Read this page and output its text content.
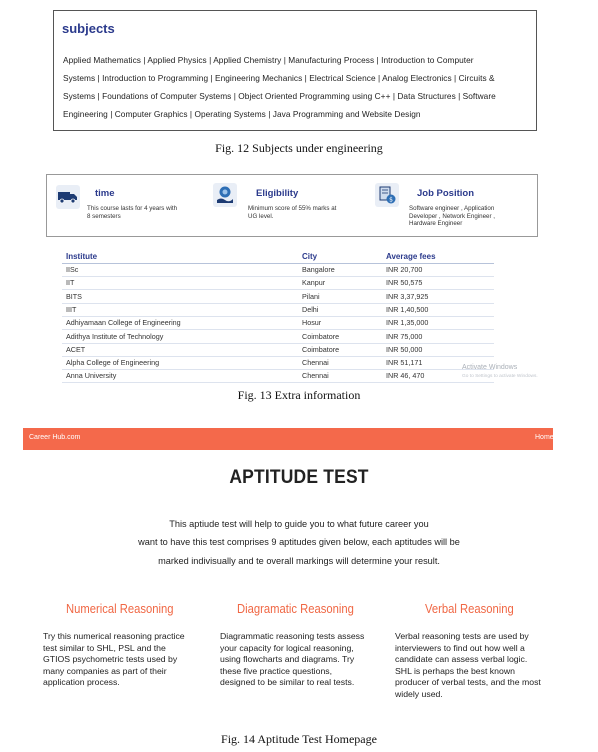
subjects
Applied Mathematics | Applied Physics | Applied Chemistry | Manufacturing Process | Introduction to Computer
Systems | Introduction to Programming | Engineering Mechanics | Electrical Science | Analog Electronics | Circuits &
Systems | Foundations of Computer Systems | Object Oriented Programming using C++ | Data Structures | Software
Engineering | Computer Graphics | Operating Systems | Java Programming and Website Design
Fig. 12 Subjects under engineering
time
This course lasts for 4 years with
8 semesters
Eligibility
Minimum score of 55% marks at
UG level.
$
Job Position
Software engineer , Application
Developer , Network Engineer ,
Hardware Engineer
Institute	City	Average fees
IISc	Bangalore	INR 20,700
IIT	Kanpur	INR 50,575
BITS	Pilani	INR 3,37,925
IIIT	Delhi	INR 1,40,500
Adhiyamaan College of Engineering	Hosur	INR 1,35,000
Adithya Institute of Technology	Coimbatore	INR 75,000
ACET	Coimbatore	INR 50,000
Alpha College of Engineering	Chennai	INR 51,171
Anna University	Chennai	INR 46, 470
Activate Windows
Go to Settings to activate Windows.
Fig. 13 Extra information
Career Hub.com	Home
APTITUDE TEST
This aptiude test will help to guide you to what future career you
want to have this test comprises 9 aptitudes given below, each aptitudes will be
marked indivisually and te overall markings will determine your result.
Numerical Reasoning
Try this numerical reasoning practice
test similar to SHL, PSL and the
GTIOS psychometric tests used by
many companies as part of their
application process.
Diagramatic Reasoning
Diagrammatic reasoning tests assess
your capacity for logical reasoning,
using flowcharts and diagrams. Try
these five practice questions,
designed to be similar to real tests.
Verbal Reasoning
Verbal reasoning tests are used by
interviewers to find out how well a
candidate can assess verbal logic.
SHL is perhaps the best known
producer of verbal tests, and the most
widely used.
Fig. 14 Aptitude Test Homepage
